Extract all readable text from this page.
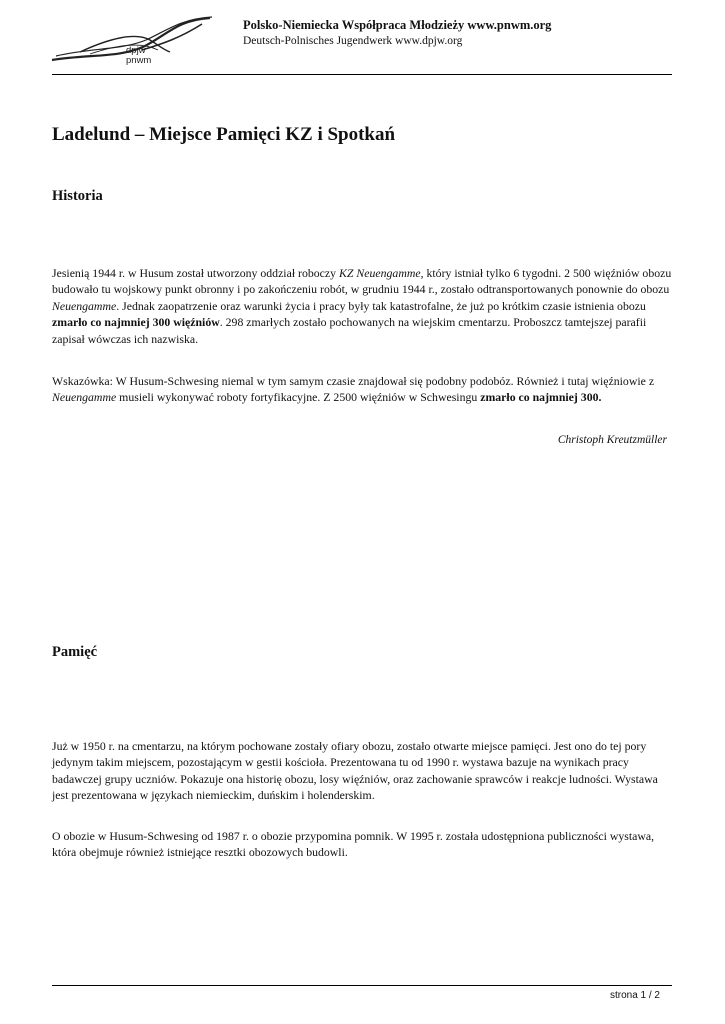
dpjw
pnwm
Polsko-Niemiecka Współpraca Młodzieży www.pnwm.org
Deutsch-Polnisches Jugendwerk www.dpjw.org
Ladelund – Miejsce Pamięci KZ i Spotkań
Historia

Jesienią 1944 r. w Husum został utworzony oddział roboczy KZ Neuengamme, który istniał tylko 6 tygodni. 2 500 więźniów obozu budowało tu wojskowy punkt obronny i po zakończeniu robót, w grudniu 1944 r., zostało odtransportowanych ponownie do obozu Neuengamme. Jednak zaopatrzenie oraz warunki życia i pracy były tak katastrofalne, że już po krótkim czasie istnienia obozu zmarło co najmniej 300 więźniów. 298 zmarłych zostało pochowanych na wiejskim cmentarzu. Proboszcz tamtejszej parafii zapisał wówczas ich nazwiska.

Wskazówka: W Husum-Schwesing niemal w tym samym czasie znajdował się podobny podobóz. Również i tutaj więźniowie z Neuengamme musieli wykonywać roboty fortyfikacyjne. Z 2500 więźniów w Schwesingu zmarło co najmniej 300.

Christoph Kreutzmüller
Pamięć

Już w 1950 r. na cmentarzu, na którym pochowane zostały ofiary obozu, zostało otwarte miejsce pamięci. Jest ono do tej pory jedynym takim miejscem, pozostającym w gestii kościoła. Prezentowana tu od 1990 r. wystawa bazuje na wynikach pracy badawczej grupy uczniów. Pokazuje ona historię obozu, losy więźniów, oraz zachowanie sprawców i reakcje ludności. Wystawa jest prezentowana w językach niemieckim, duńskim i holenderskim.

O obozie w Husum-Schwesing od 1987 r. o obozie przypomina pomnik. W 1995 r. została udostępniona publiczności wystawa, która obejmuje również istniejące resztki obozowych budowli.

strona 1 / 2
